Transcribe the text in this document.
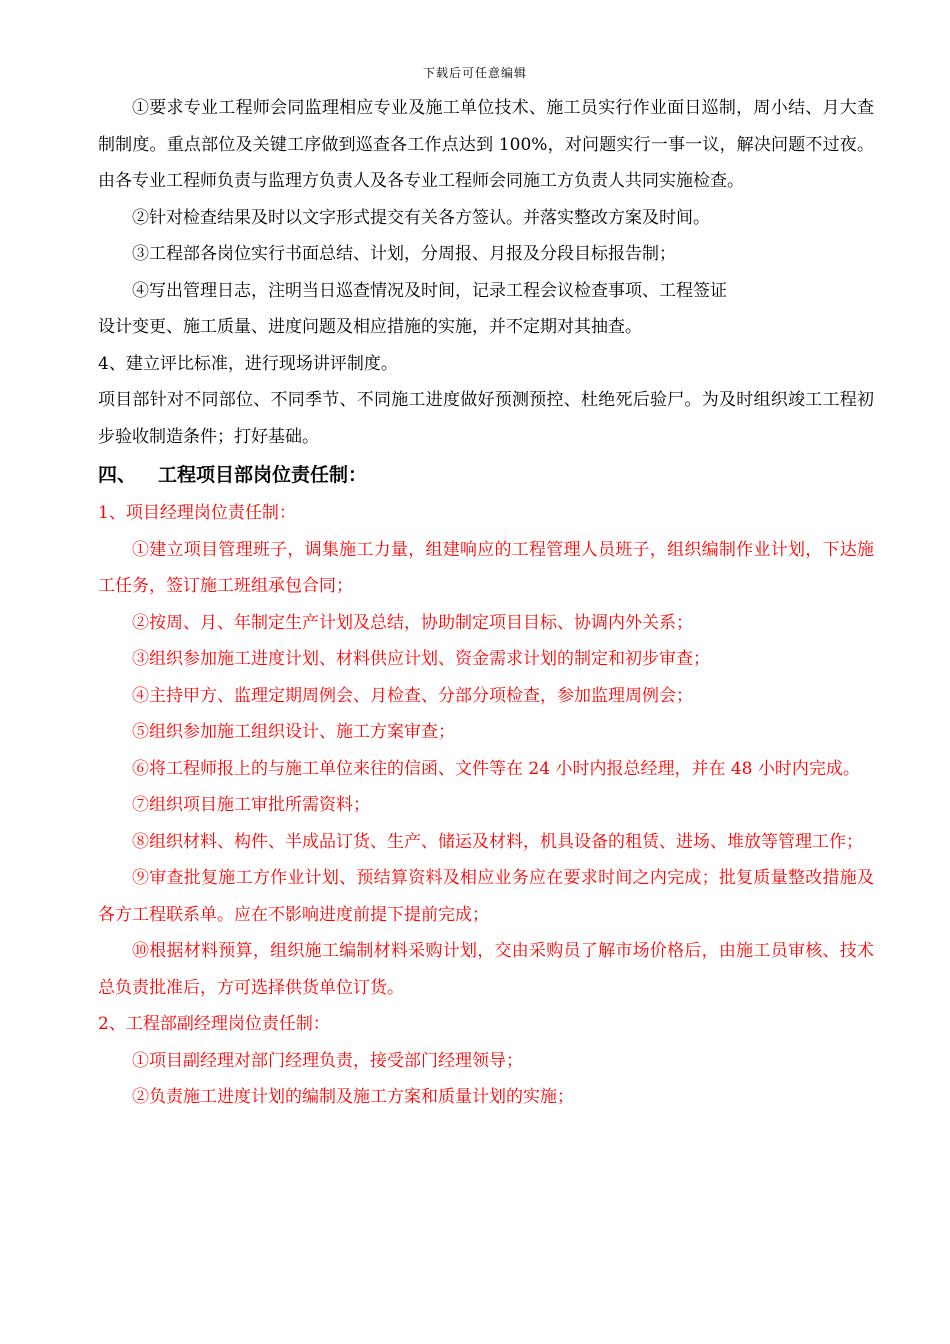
下载后可任意编辑

①要求专业工程师会同监理相应专业及施工单位技术、施工员实行作业面日巡制，周小结、月大查制制度。重点部位及关键工序做到巡查各工作点达到 100%，对问题实行一事一议，解决问题不过夜。由各专业工程师负责与监理方负责人及各专业工程师会同施工方负责人共同实施检查。

②针对检查结果及时以文字形式提交有关各方签认。并落实整改方案及时间。

③工程部各岗位实行书面总结、计划，分周报、月报及分段目标报告制；

④写出管理日志，注明当日巡查情况及时间，记录工程会议检查事项、工程签证
设计变更、施工质量、进度问题及相应措施的实施，并不定期对其抽查。

4、建立评比标准，进行现场讲评制度。

项目部针对不同部位、不同季节、不同施工进度做好预测预控、杜绝死后验尸。为及时组织竣工工程初步验收制造条件；打好基础。

四、 工程项目部岗位责任制：

1、项目经理岗位责任制：

①建立项目管理班子，调集施工力量，组建响应的工程管理人员班子，组织编制作业计划，下达施工任务，签订施工班组承包合同；

②按周、月、年制定生产计划及总结，协助制定项目目标、协调内外关系；

③组织参加施工进度计划、材料供应计划、资金需求计划的制定和初步审查；

④主持甲方、监理定期周例会、月检查、分部分项检查，参加监理周例会；

⑤组织参加施工组织设计、施工方案审查；

⑥将工程师报上的与施工单位来往的信函、文件等在 24 小时内报总经理，并在 48 小时内完成。

⑦组织项目施工审批所需资料；

⑧组织材料、构件、半成品订货、生产、储运及材料，机具设备的租赁、进场、堆放等管理工作；

⑨审查批复施工方作业计划、预结算资料及相应业务应在要求时间之内完成；批复质量整改措施及各方工程联系单。应在不影响进度前提下提前完成；

⑩根据材料预算，组织施工编制材料采购计划，交由采购员了解市场价格后，由施工员审核、技术总负责批准后，方可选择供货单位订货。

2、工程部副经理岗位责任制：

①项目副经理对部门经理负责，接受部门经理领导；

②负责施工进度计划的编制及施工方案和质量计划的实施；
